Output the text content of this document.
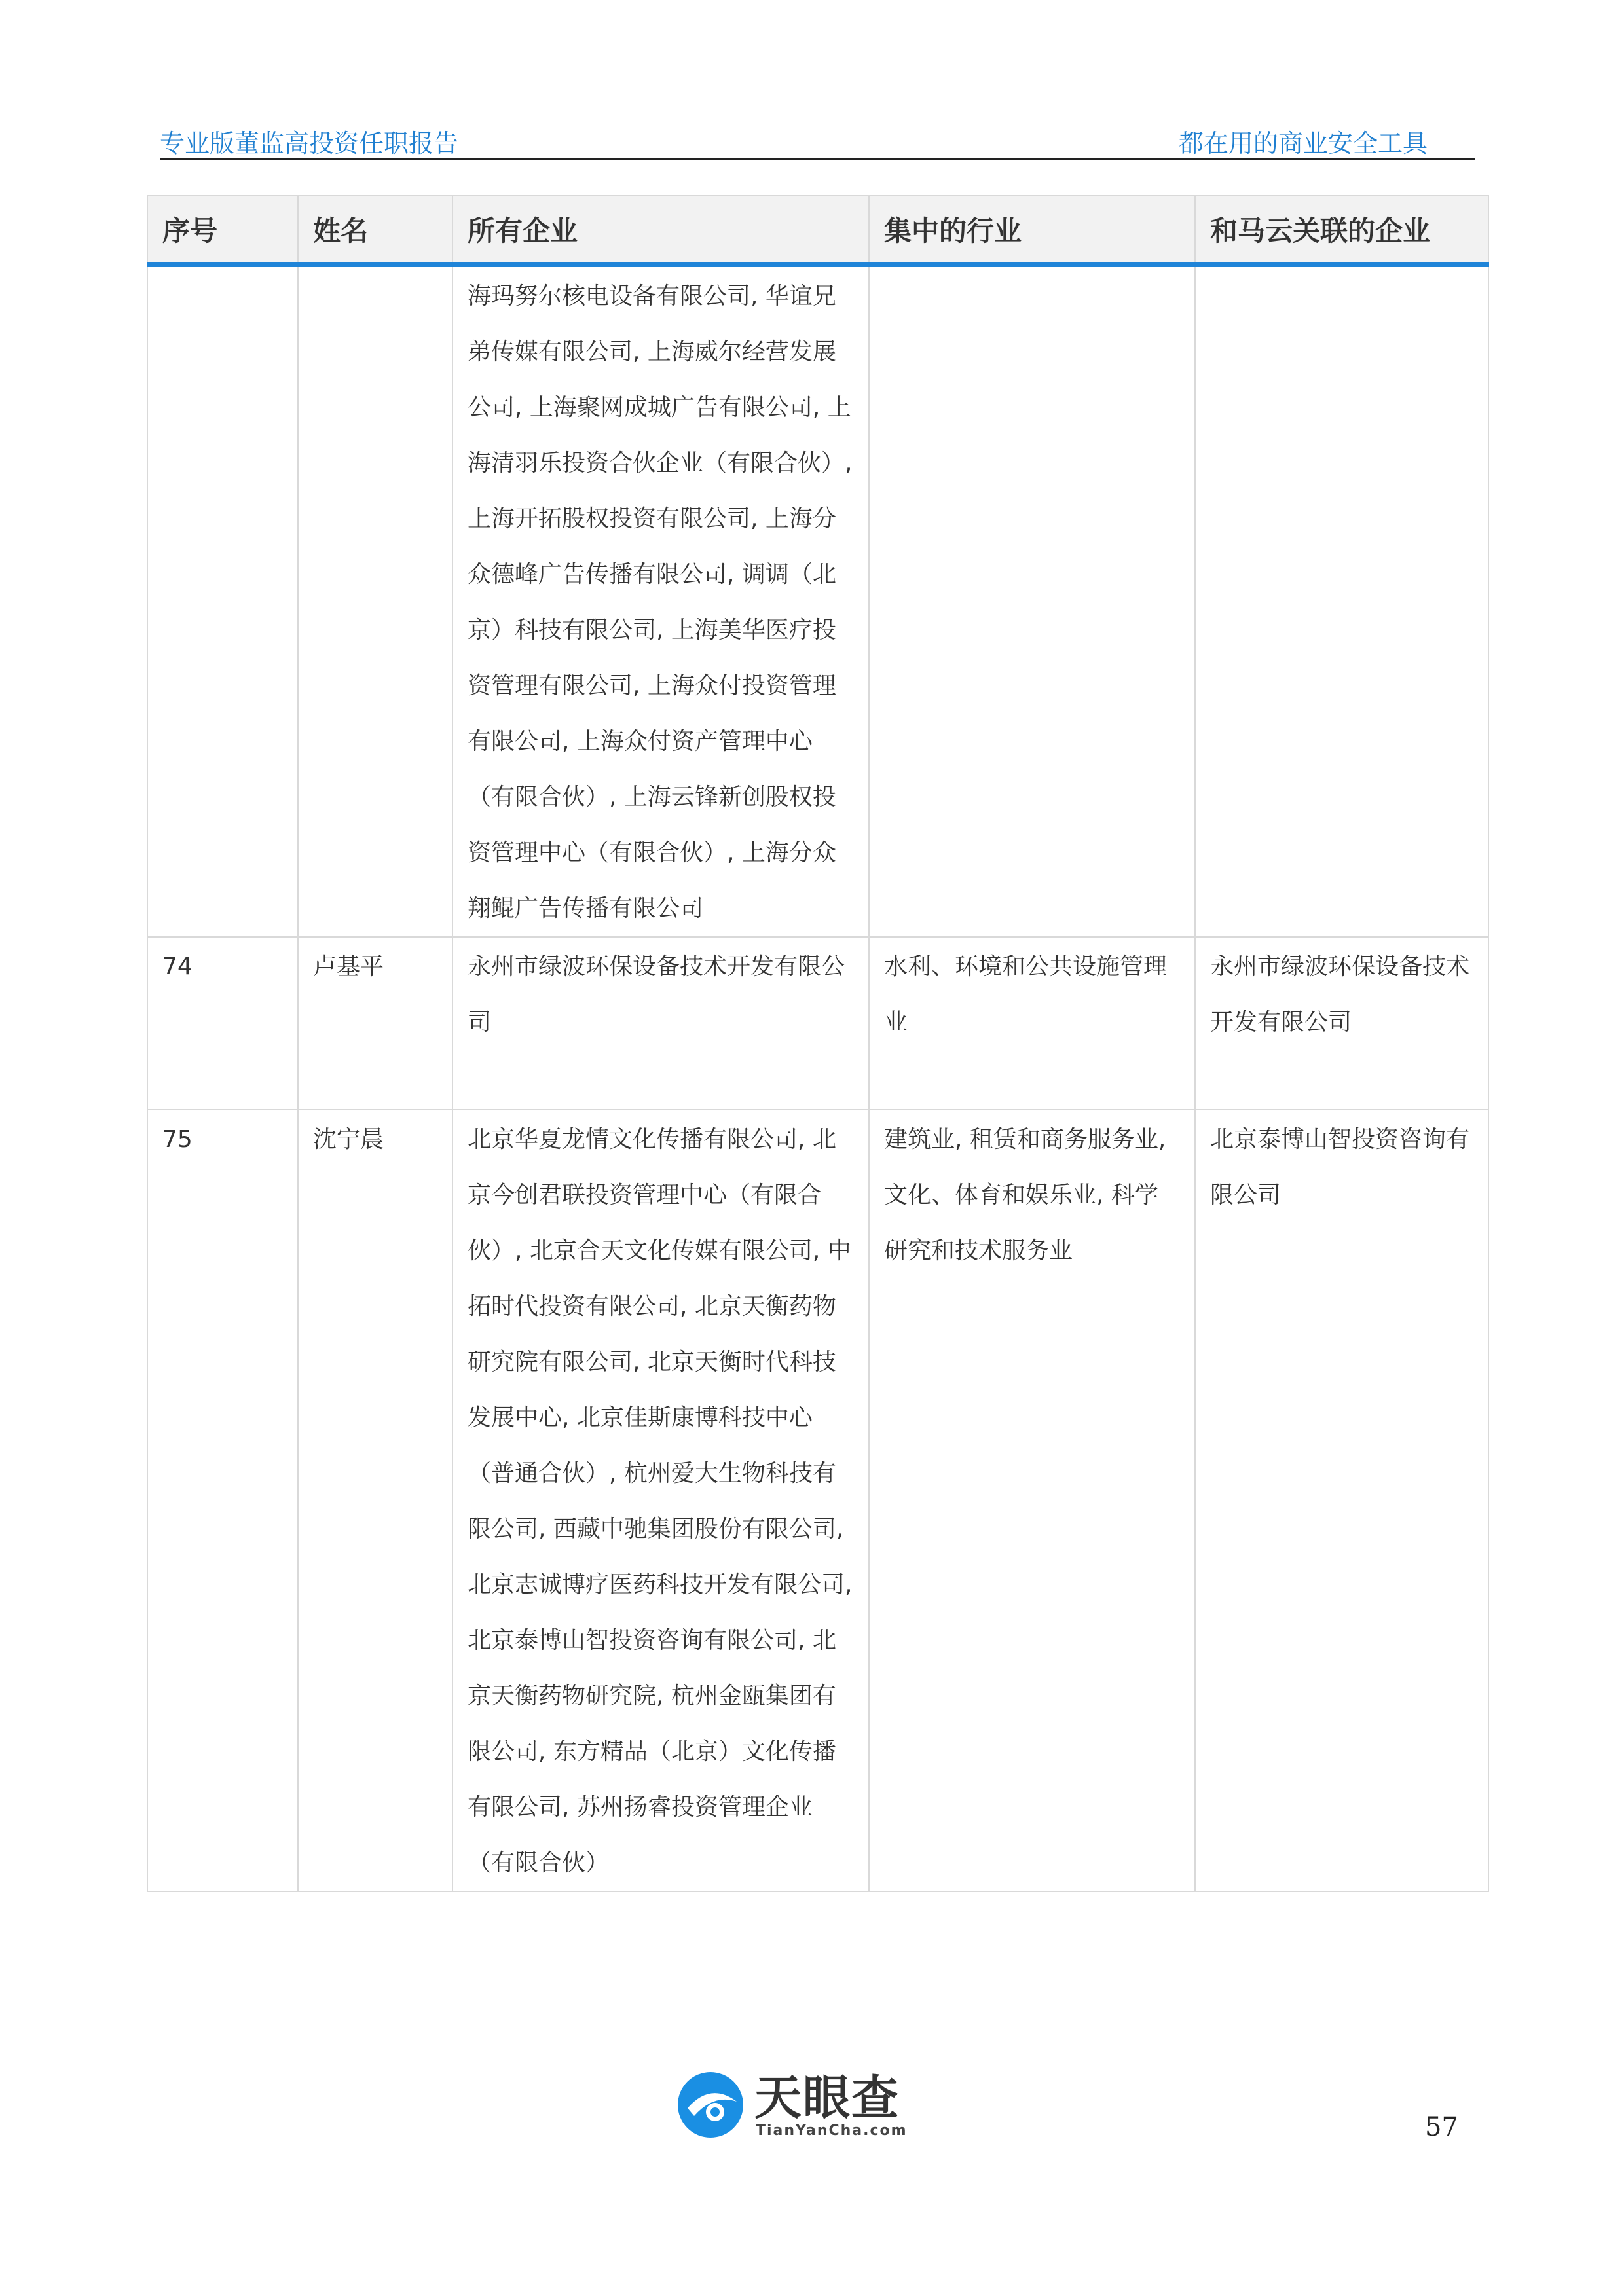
专业版董监高投资任职报告	都在用的商业安全工具
序号	姓名	所有企业	集中的行业	和马云关联的企业
		海玛努尔核电设备有限公司, 华谊兄弟传媒有限公司, 上海威尔经营发展公司, 上海聚网成城广告有限公司, 上海清羽乐投资合伙企业（有限合伙）, 上海开拓股权投资有限公司, 上海分众德峰广告传播有限公司, 调调（北京）科技有限公司, 上海美华医疗投资管理有限公司, 上海众付投资管理有限公司, 上海众付资产管理中心（有限合伙）, 上海云锋新创股权投资管理中心（有限合伙）, 上海分众翔鲲广告传播有限公司		
74	卢基平	永州市绿波环保设备技术开发有限公司	水利、环境和公共设施管理业	永州市绿波环保设备技术开发有限公司
75	沈宁晨	北京华夏龙情文化传播有限公司, 北京今创君联投资管理中心（有限合伙）, 北京合天文化传媒有限公司, 中拓时代投资有限公司, 北京天衡药物研究院有限公司, 北京天衡时代科技发展中心, 北京佳斯康博科技中心（普通合伙）, 杭州爱大生物科技有限公司, 西藏中驰集团股份有限公司, 北京志诚博疗医药科技开发有限公司, 北京泰博山智投资咨询有限公司, 北京天衡药物研究院, 杭州金瓯集团有限公司, 东方精品（北京）文化传播有限公司, 苏州扬睿投资管理企业（有限合伙）	建筑业, 租赁和商务服务业, 文化、体育和娱乐业, 科学研究和技术服务业	北京泰博山智投资咨询有限公司
天眼查
TianYanCha.com	57
